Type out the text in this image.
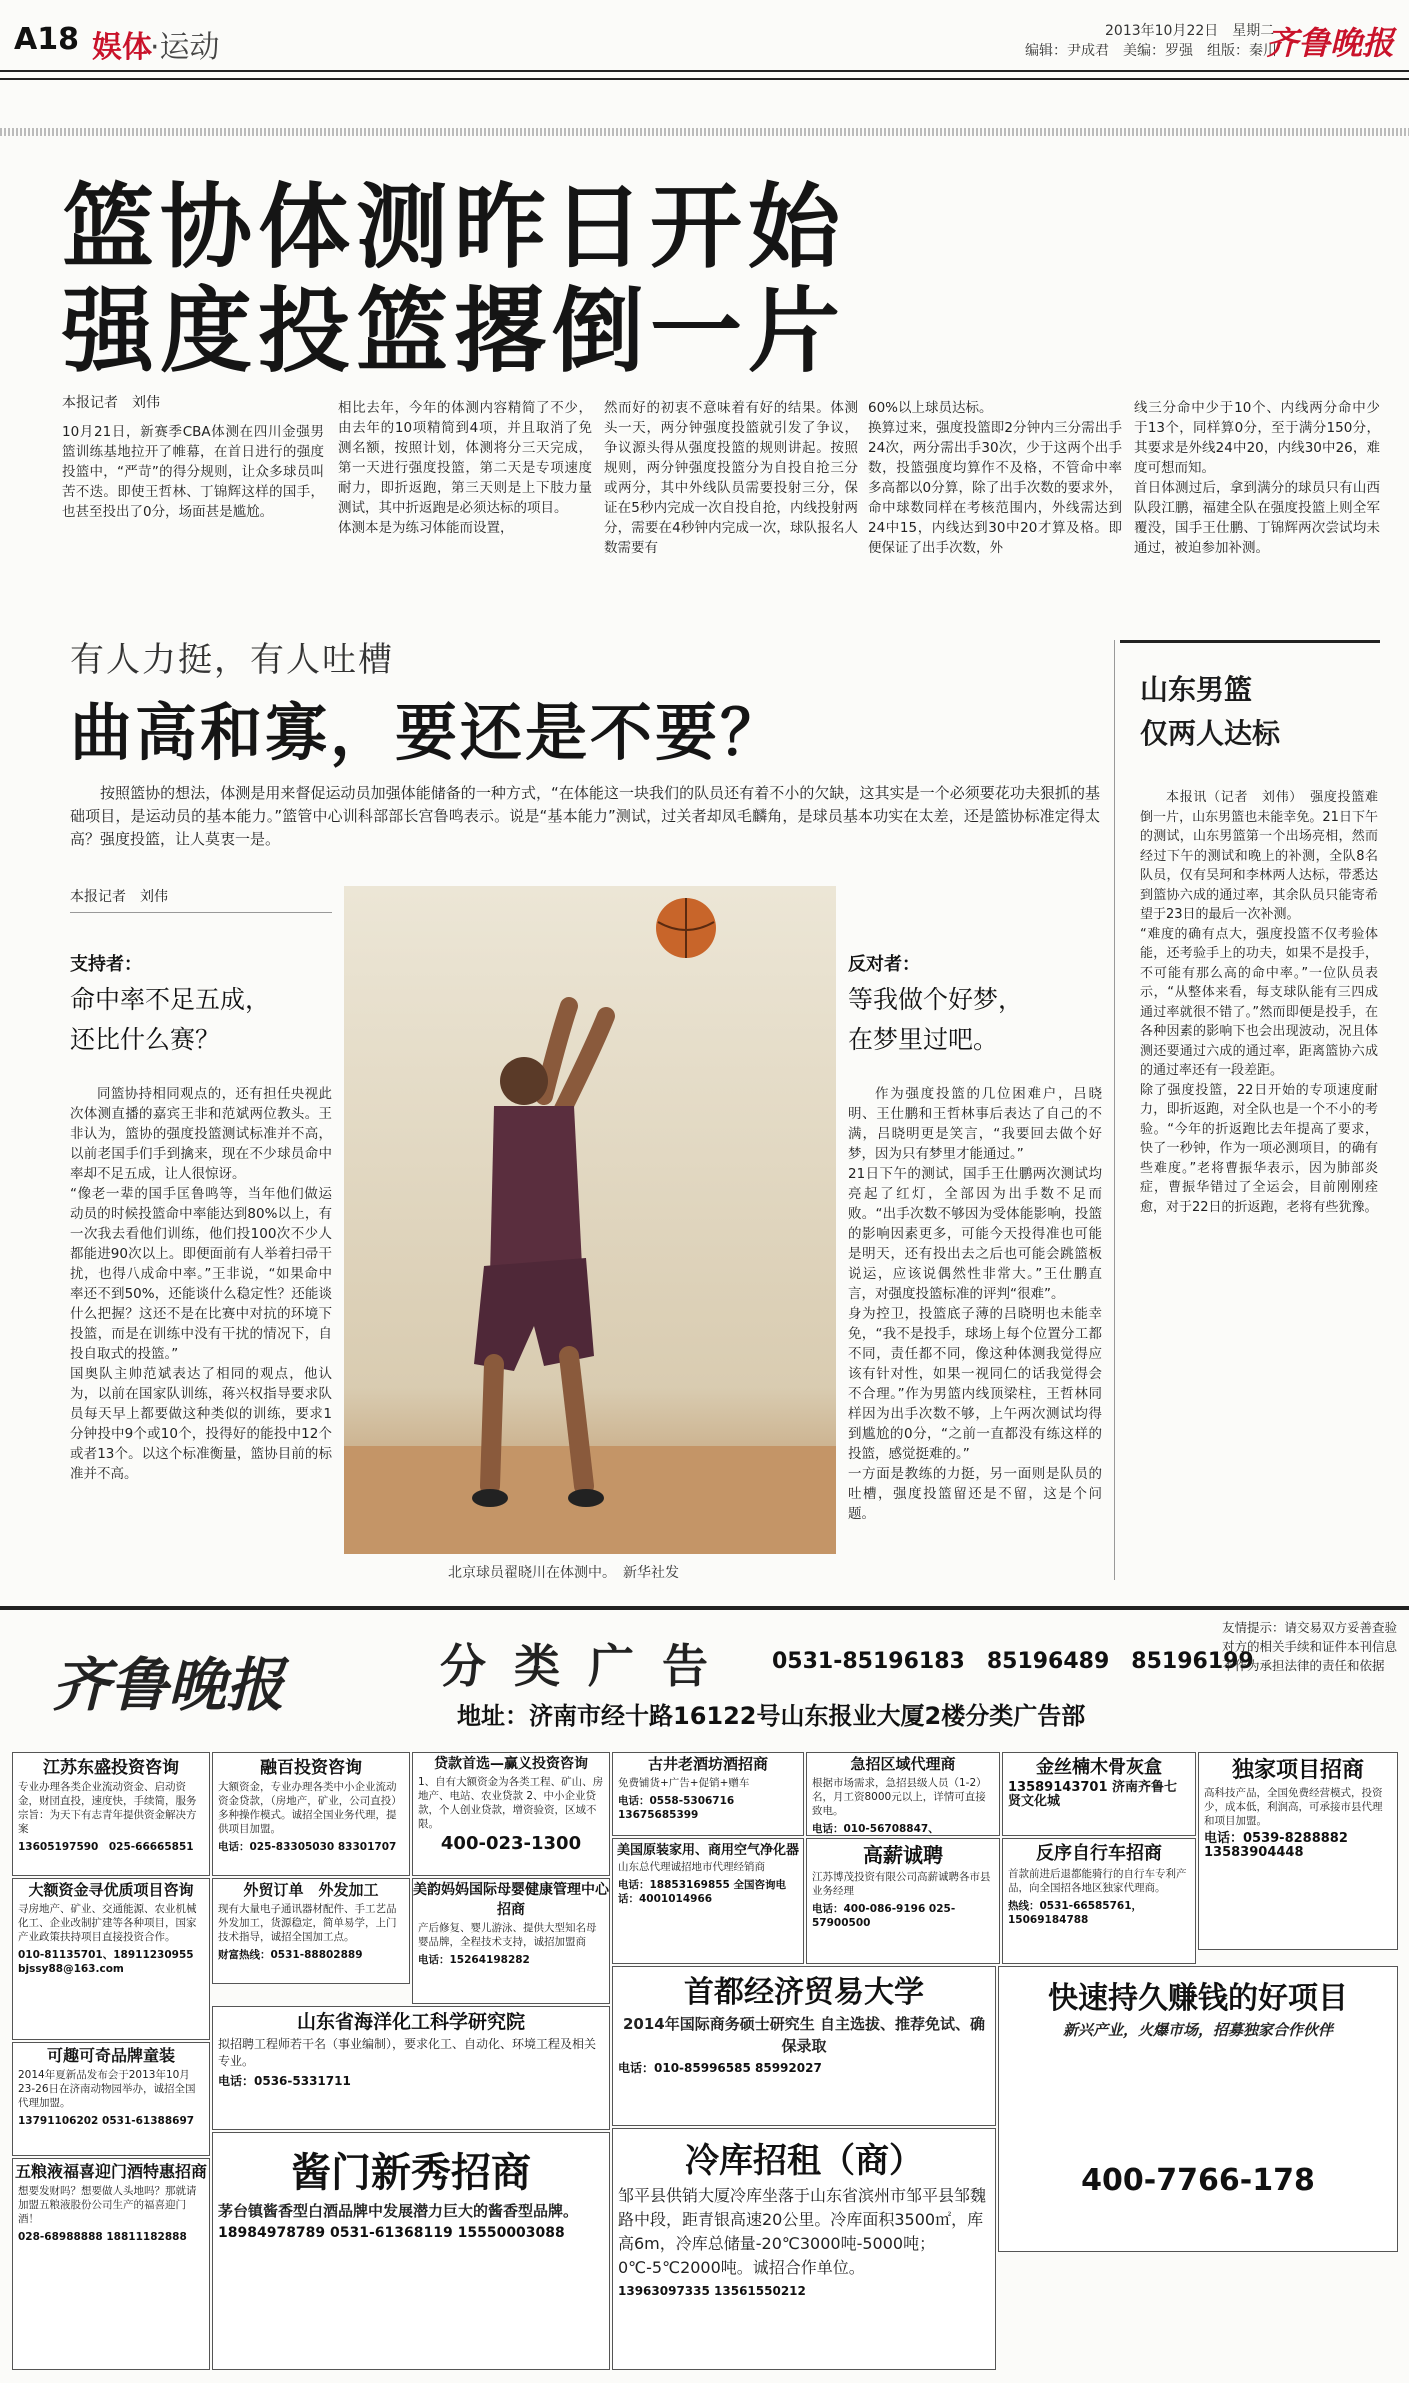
A18 娱体
·运动	2013年10月22日　星期二
编辑：尹成君　美编：罗强　组版：秦川
齐鲁晚报
篮协体测昨日开始
强度投篮撂倒一片
本报记者　刘伟
10月21日，新赛季CBA体测在四川金强男篮训练基地拉开了帷幕，在首日进行的强度投篮中，“严苛”的得分规则，让众多球员叫苦不迭。即使王哲林、丁锦辉这样的国手，也甚至投出了0分，场面甚是尴尬。
相比去年，今年的体测内容精简了不少，由去年的10项精简到4项，并且取消了免测名额，按照计划，体测将分三天完成，第一天进行强度投篮，第二天是专项速度耐力，即折返跑，第三天则是上下肢力量测试，其中折返跑是必须达标的项目。
体测本是为练习体能而设置，
然而好的初衷不意味着有好的结果。体测头一天，两分钟强度投篮就引发了争议，争议源头得从强度投篮的规则讲起。按照规则，两分钟强度投篮分为自投自抢三分或两分，其中外线队员需要投射三分，保证在5秒内完成一次自投自抢，内线投射两分，需要在4秒钟内完成一次，球队报名人数需要有
60%以上球员达标。
换算过来，强度投篮即2分钟内三分需出手24次，两分需出手30次，少于这两个出手数，投篮强度均算作不及格，不管命中率多高都以0分算，除了出手次数的要求外，命中球数同样在考核范围内，外线需达到24中15，内线达到30中20才算及格。即便保证了出手次数，外
线三分命中少于10个、内线两分命中少于13个，同样算0分，至于满分150分，其要求是外线24中20，内线30中26，难度可想而知。
首日体测过后，拿到满分的球员只有山西队段江鹏，福建全队在强度投篮上则全军覆没，国手王仕鹏、丁锦辉两次尝试均未通过，被迫参加补测。
有人力挺，有人吐槽
曲高和寡，要还是不要？
按照篮协的想法，体测是用来督促运动员加强体能储备的一种方式，“在体能这一块我们的队员还有着不小的欠缺，这其实是一个必须要花功夫狠抓的基础项目，是运动员的基本能力。”篮管中心训科部部长宫鲁鸣表示。说是“基本能力”测试，过关者却凤毛麟角，是球员基本功实在太差，还是篮协标准定得太高？强度投篮，让人莫衷一是。
本报记者　刘伟
支持者：
命中率不足五成，
还比什么赛？
同篮协持相同观点的，还有担任央视此次体测直播的嘉宾王非和范斌两位教头。王非认为，篮协的强度投篮测试标准并不高，以前老国手们手到擒来，现在不少球员命中率却不足五成，让人很惊讶。
“像老一辈的国手匡鲁鸣等，当年他们做运动员的时候投篮命中率能达到80%以上，有一次我去看他们训练，他们投100次不少人都能进90次以上。即便面前有人举着扫帚干扰，也得八成命中率。”王非说，“如果命中率还不到50%，还能谈什么稳定性？还能谈什么把握？这还不是在比赛中对抗的环境下投篮，而是在训练中没有干扰的情况下，自投自取式的投篮。”
国奥队主帅范斌表达了相同的观点，他认为，以前在国家队训练，蒋兴权指导要求队员每天早上都要做这种类似的训练，要求1分钟投中9个或10个，投得好的能投中12个或者13个。以这个标准衡量，篮协目前的标准并不高。
北京球员翟晓川在体测中。　新华社发
反对者：
等我做个好梦，
在梦里过吧。
作为强度投篮的几位困难户，吕晓明、王仕鹏和王哲林事后表达了自己的不满，吕晓明更是笑言，“我要回去做个好梦，因为只有梦里才能通过。”
21日下午的测试，国手王仕鹏两次测试均亮起了红灯，全部因为出手数不足而败。“出手次数不够因为受体能影响，投篮的影响因素更多，可能今天投得准也可能是明天，还有投出去之后也可能会跳篮板说运，应该说偶然性非常大。”王仕鹏直言，对强度投篮标准的评判“很难”。
身为控卫，投篮底子薄的吕晓明也未能幸免，“我不是投手，球场上每个位置分工都不同，责任都不同，像这种体测我觉得应该有针对性，如果一视同仁的话我觉得会不合理。”作为男篮内线顶梁柱，王哲林同样因为出手次数不够，上午两次测试均得到尴尬的0分，“之前一直都没有练这样的投篮，感觉挺难的。”
一方面是教练的力挺，另一面则是队员的吐槽，强度投篮留还是不留，这是个问题。
山东男篮
仅两人达标
本报讯（记者　刘伟）　强度投篮难倒一片，山东男篮也未能幸免。21日下午的测试，山东男篮第一个出场亮相，然而经过下午的测试和晚上的补测，全队8名队员，仅有吴珂和李林两人达标，带悉达到篮协六成的通过率，其余队员只能寄希望于23日的最后一次补测。
“难度的确有点大，强度投篮不仅考验体能，还考验手上的功夫，如果不是投手，不可能有那么高的命中率。”一位队员表示，“从整体来看，每支球队能有三四成通过率就很不错了。”然而即便是投手，在各种因素的影响下也会出现波动，况且体测还要通过六成的通过率，距离篮协六成的通过率还有一段差距。
除了强度投篮，22日开始的专项速度耐力，即折返跑，对全队也是一个不小的考验。“今年的折返跑比去年提高了要求，快了一秒钟，作为一项必测项目，的确有些难度。”老将曹振华表示，因为肺部炎症，曹振华错过了全运会，目前刚刚痊愈，对于22日的折返跑，老将有些犹豫。
齐鲁晚报	分 类 广 告	0531-85196183　85196489　85196199
地址：济南市经十路16122号山东报业大厦2楼分类广告部
友情提示：请交易双方妥善查验对方的相关手续和证件本刊信息不作为承担法律的责任和依据
江苏东盛投资咨询
专业办理各类企业流动资金、启动资金，财団直投，速度快，手续简，服务宗旨：为天下有志青年提供资金解决方案
13605197590　025-66665851
融百投资咨询
大额资金，专业办理各类中小企业流动资金贷款，（房地产，矿业，公司直投）多种操作模式。诚招全国业务代理，提供项目加盟。
电话：025-83305030 83301707
贷款首选—赢义投资咨询
1、自有大额资金为各类工程、矿山、房地产、电站、农业贷款 2、中小企业贷款，个人创业贷款，增资验资，区域不限。
400-023-1300
古井老酒坊酒招商
免费铺货+广告+促销+赠车
电话：0558-5306716 13675685399
急招区域代理商
根据市场需求，急招县级人员（1-2）名，月工资8000元以上，详情可直接致电。
电话：010-56708847、
金丝楠木骨灰盒
13589143701 济南齐鲁七贤文化城
独家项目招商
高科技产品，全国免费经营模式，投资少，成本低，利润高，可承接市县代理和项目加盟。
电话：0539-8288882 13583904448
大额资金寻优质项目咨询
寻房地产、矿业、交通能源、农业机械化工、企业改制扩建等各种项目，国家产业政策扶持项目直接投资合作。
010-81135701、18911230955 bjssy88@163.com
外贸订单　外发加工
现有大量电子通讯器材配件、手工艺品外发加工，货源稳定，简单易学，上门技术指导，诚招全国加工点。
财富热线：0531-88802889
美国原装家用、商用空气净化器
山东总代理诚招地市代理经销商
电话：18853169855 全国咨询电话：4001014966
高薪诚聘
江苏博茂投资有限公司高薪诚聘各市县业务经理
电话：400-086-9196 025-57900500
反序自行车招商
首款前进后退都能骑行的自行车专利产品，向全国招各地区独家代理商。
热线：0531-66585761，15069184788
美韵妈妈国际母婴健康管理中心招商
产后修复、婴儿游泳、提供大型知名母婴品牌，全程技术支持，诚招加盟商
电话：15264198282
首都经济贸易大学
2014年国际商务硕士研究生 自主选拔、推荐免试、确保录取
电话：010-85996585 85992027
快速持久赚钱的好项目
新兴产业，火爆市场，招募独家合作伙伴
400-7766-178
可趣可奇品牌童装
2014年夏新品发布会于2013年10月23-26日在济南动物园举办，诚招全国代理加盟。
13791106202 0531-61388697
山东省海洋化工科学研究院
拟招聘工程师若干名（事业编制），要求化工、自动化、环境工程及相关专业。
电话：0536-5331711
五粮液福喜迎门酒特惠招商
想要发财吗？想要做人头地吗？那就请加盟五粮液股份公司生产的福喜迎门酒！
028-68988888 18811182888
酱门新秀招商
茅台镇酱香型白酒品牌中发展潜力巨大的酱香型品牌。
18984978789 0531-61368119 15550003088
冷库招租（商）
邹平县供销大厦冷库坐落于山东省滨州市邹平县邹魏路中段，距青银高速20公里。冷库面积3500㎡，库高6m，冷库总储量-20℃3000吨-5000吨；0℃-5℃2000吨。诚招合作单位。
13963097335 13561550212
